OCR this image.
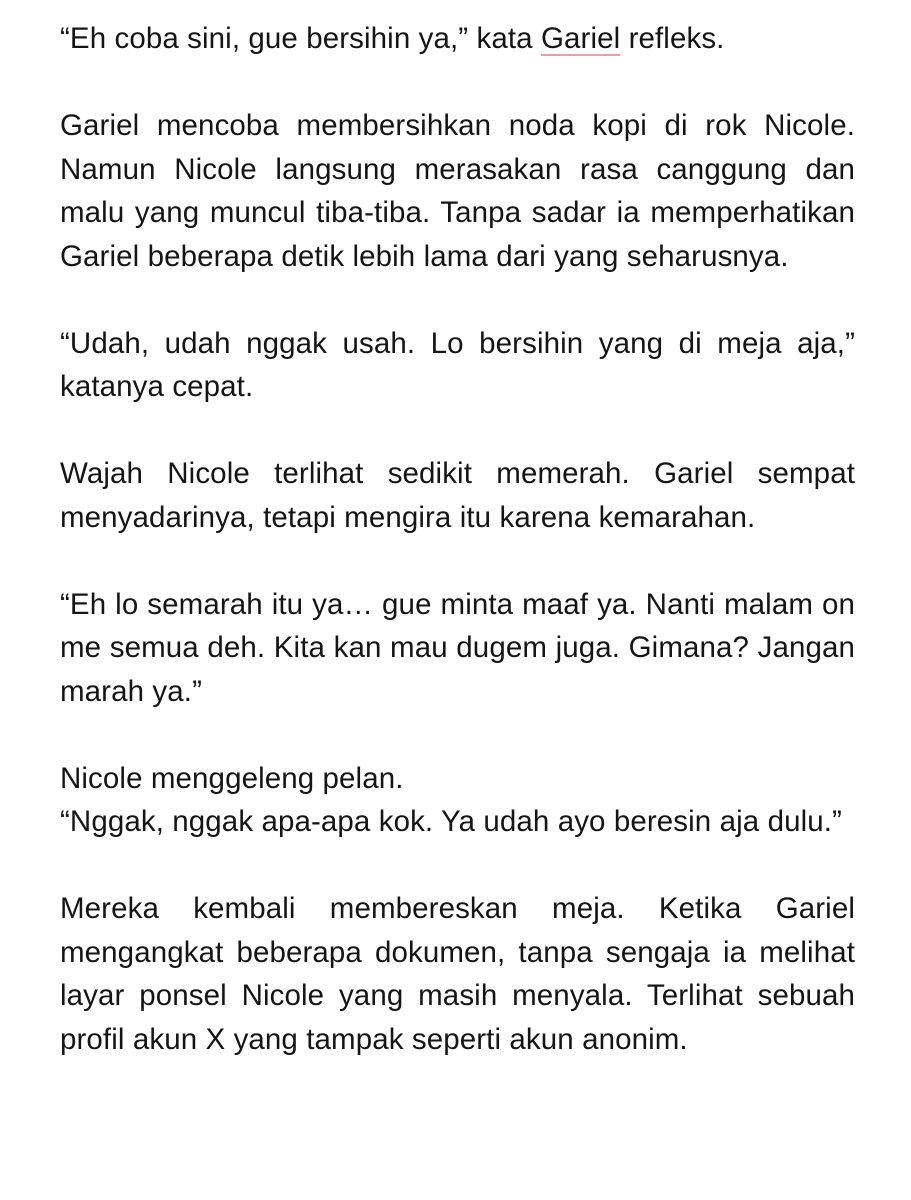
“Eh coba sini, gue bersihin ya,” kata Gariel refleks.

Gariel mencoba membersihkan noda kopi di rok Nicole. Namun Nicole langsung merasakan rasa canggung dan malu yang muncul tiba-tiba. Tanpa sadar ia memperhatikan Gariel beberapa detik lebih lama dari yang seharusnya.

“Udah, udah nggak usah. Lo bersihin yang di meja aja,” katanya cepat.

Wajah Nicole terlihat sedikit memerah. Gariel sempat menyadarinya, tetapi mengira itu karena kemarahan.

“Eh lo semarah itu ya… gue minta maaf ya. Nanti malam on me semua deh. Kita kan mau dugem juga. Gimana? Jangan marah ya.”

Nicole menggeleng pelan.

“Nggak, nggak apa-apa kok. Ya udah ayo beresin aja dulu.”

Mereka kembali membereskan meja. Ketika Gariel mengangkat beberapa dokumen, tanpa sengaja ia melihat layar ponsel Nicole yang masih menyala. Terlihat sebuah profil akun X yang tampak seperti akun anonim.
